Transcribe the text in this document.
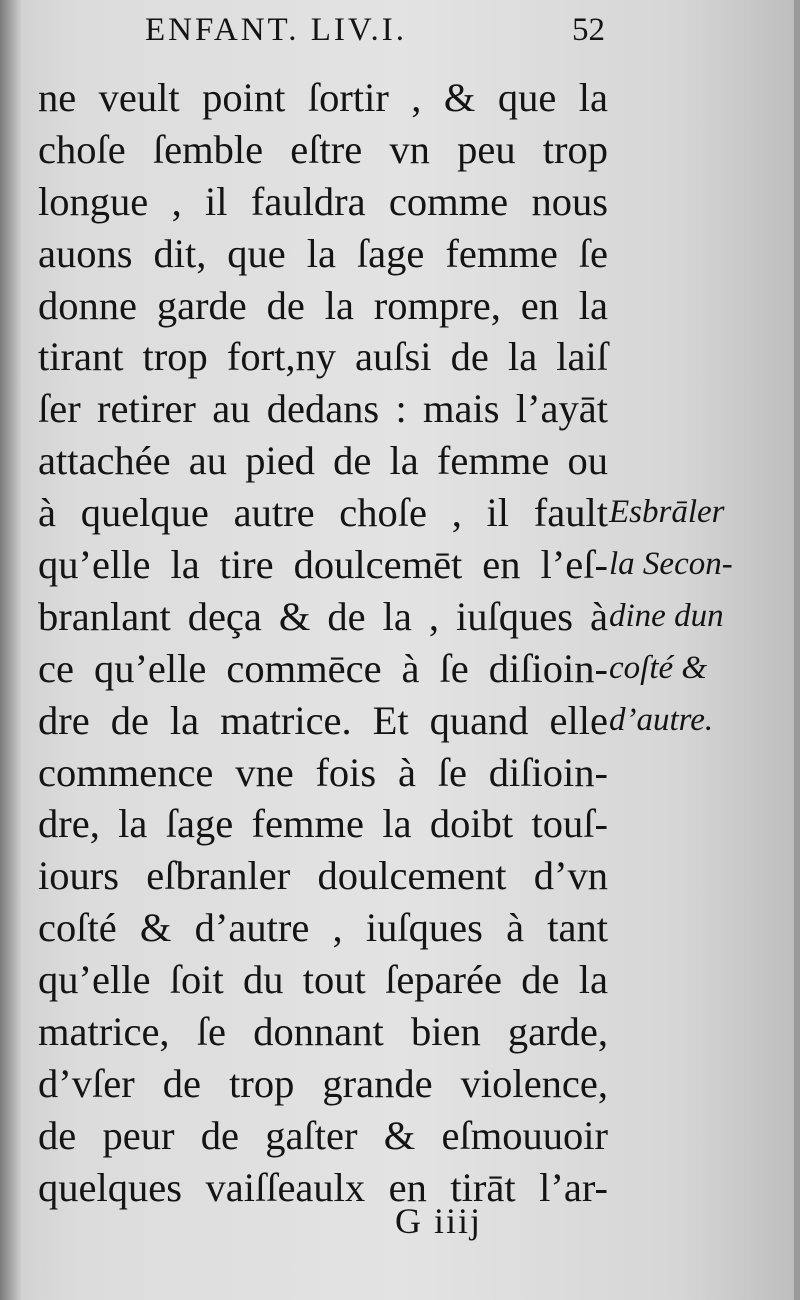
ENFANT. LIV.I.	52
ne veult point ſortir , & que la
choſe ſemble eſtre vn peu trop
longue , il fauldra comme nous
auons dit, que la ſage femme ſe
donne garde de la rompre, en la
tirant trop fort,ny auſsi de la laiſ
ſer retirer au dedans : mais l’ayāt
attachée au pied de la femme ou
à quelque autre choſe , il fault
qu’elle la tire doulcemēt en l’eſ-
branlant deça & de la , iuſques à
ce qu’elle commēce à ſe diſioin-
dre de la matrice. Et quand elle
commence vne fois à ſe diſioin-
dre, la ſage femme la doibt touſ-
iours eſbranler doulcement d’vn
coſté & d’autre , iuſques à tant
qu’elle ſoit du tout ſeparée de la
matrice, ſe donnant bien garde,
d’vſer de trop grande violence,
de peur de gaſter & eſmouuoir
quelques vaiſſeaulx en tirāt l’ar-
Esbrāler
la Secon-
dine dun
coſté &
d’autre.
G iiij
